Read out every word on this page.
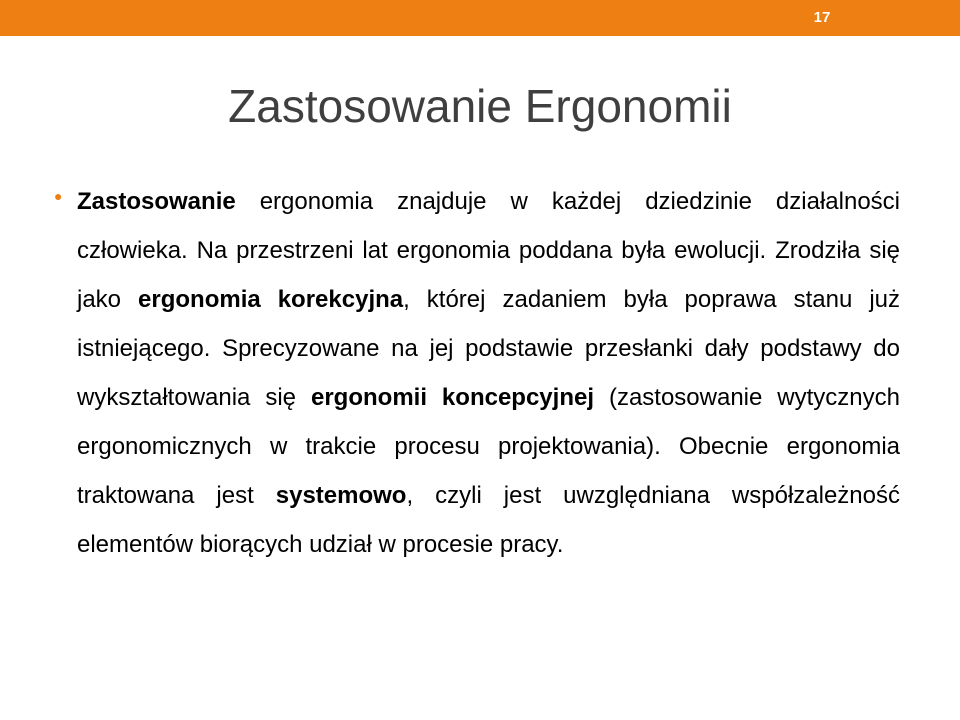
17
Zastosowanie Ergonomii
● Zastosowanie ergonomia znajduje w każdej dziedzinie działalności człowieka. Na przestrzeni lat ergonomia poddana była ewolucji. Zrodziła się jako ergonomia korekcyjna, której zadaniem była poprawa stanu już istniejącego. Sprecyzowane na jej podstawie przesłanki dały podstawy do wykształtowania się ergonomii koncepcyjnej (zastosowanie wytycznych ergonomicznych w trakcie procesu projektowania). Obecnie ergonomia traktowana jest systemowo, czyli jest uwzględniana współzależność elementów biorących udział w procesie pracy.
